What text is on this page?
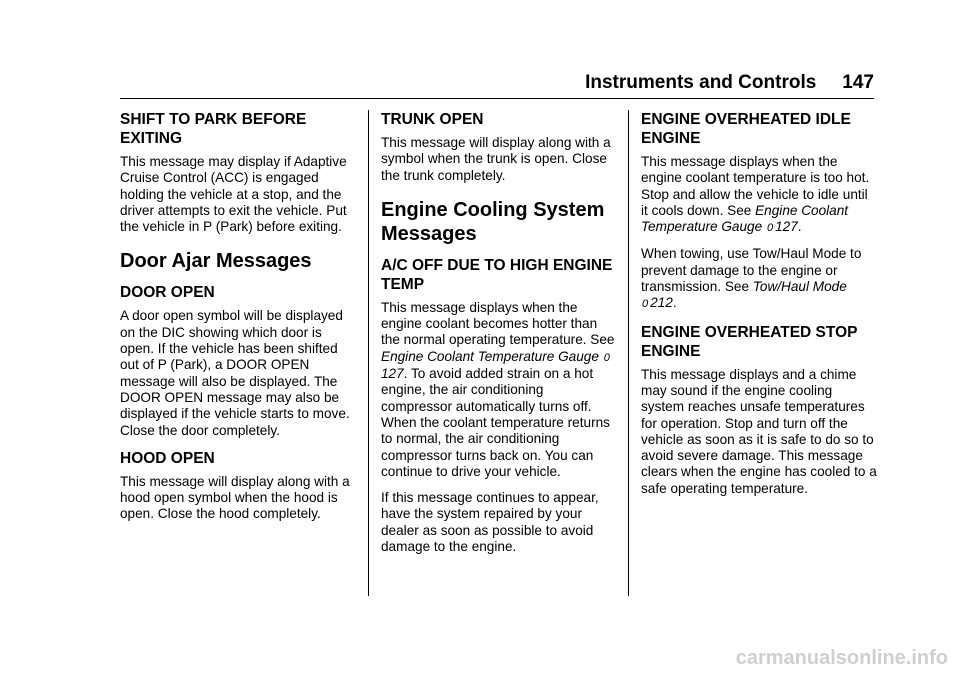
Instruments and Controls 147
SHIFT TO PARK BEFORE EXITING

This message may display if Adaptive Cruise Control (ACC) is engaged holding the vehicle at a stop, and the driver attempts to exit the vehicle. Put the vehicle in P (Park) before exiting.

Door Ajar Messages
DOOR OPEN

A door open symbol will be displayed on the DIC showing which door is open. If the vehicle has been shifted out of P (Park), a DOOR OPEN message will also be displayed. The DOOR OPEN message may also be displayed if the vehicle starts to move. Close the door completely.

HOOD OPEN

This message will display along with a hood open symbol when the hood is open. Close the hood completely.

TRUNK OPEN

This message will display along with a symbol when the trunk is open. Close the trunk completely.

Engine Cooling System Messages
A/C OFF DUE TO HIGH ENGINE TEMP

This message displays when the engine coolant becomes hotter than the normal operating temperature. See Engine Coolant Temperature Gauge 0127. To avoid added strain on a hot engine, the air conditioning compressor automatically turns off. When the coolant temperature returns to normal, the air conditioning compressor turns back on. You can continue to drive your vehicle.

If this message continues to appear, have the system repaired by your dealer as soon as possible to avoid damage to the engine.

ENGINE OVERHEATED IDLE ENGINE

This message displays when the engine coolant temperature is too hot. Stop and allow the vehicle to idle until it cools down. See Engine Coolant Temperature Gauge 0 127.

When towing, use Tow/Haul Mode to prevent damage to the engine or transmission. See Tow/Haul Mode
0 212.

ENGINE OVERHEATED STOP ENGINE

This message displays and a chime may sound if the engine cooling system reaches unsafe temperatures for operation. Stop and turn off the vehicle as soon as it is safe to do so to avoid severe damage. This message clears when the engine has cooled to a safe operating temperature.

carmanualsonline.info
